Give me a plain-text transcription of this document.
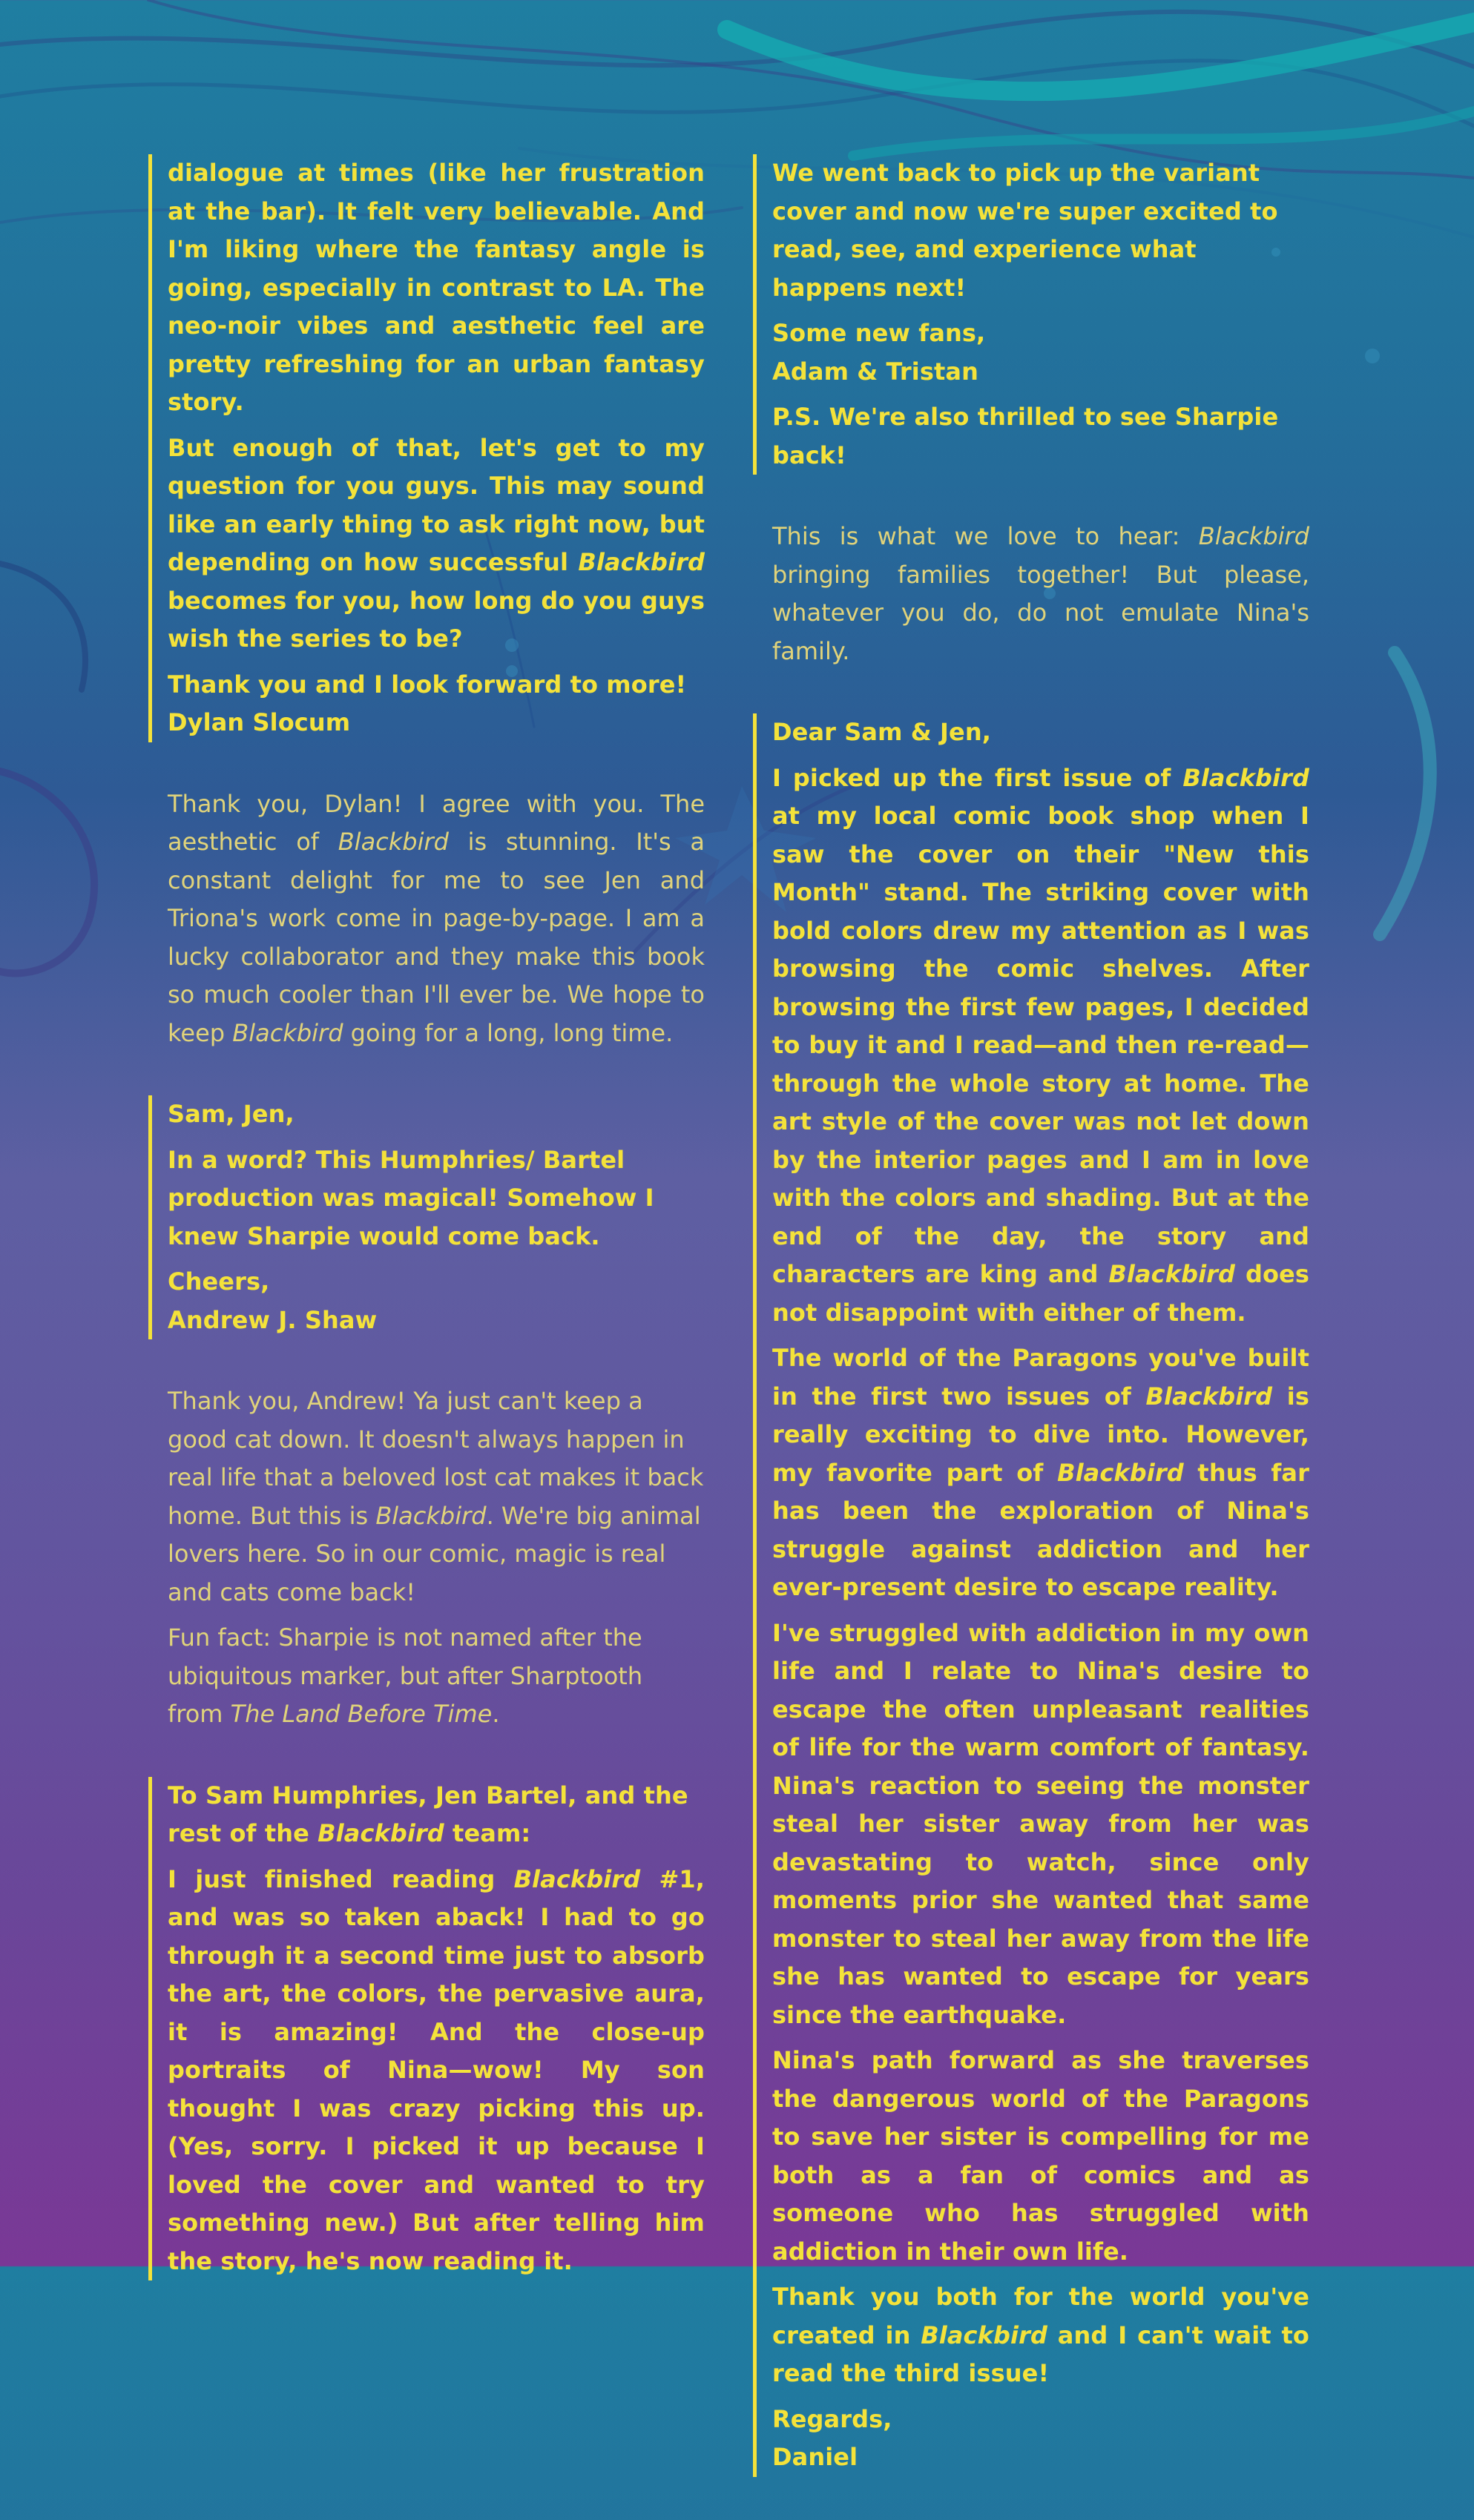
dialogue at times (like her frustration at the bar). It felt very believable. And I'm liking where the fantasy angle is going, especially in contrast to LA. The neo-noir vibes and aesthetic feel are pretty refreshing for an urban fantasy story.

But enough of that, let's get to my question for you guys. This may sound like an early thing to ask right now, but depending on how successful Blackbird becomes for you, how long do you guys wish the series to be?

Thank you and I look forward to more!

Dylan Slocum

Thank you, Dylan! I agree with you. The aesthetic of Blackbird is stunning. It's a constant delight for me to see Jen and Triona's work come in page-by-page. I am a lucky collaborator and they make this book so much cooler than I'll ever be. We hope to keep Blackbird going for a long, long time.

Sam, Jen,

In a word? This Humphries/ Bartel production was magical! Somehow I knew Sharpie would come back.

Cheers,

Andrew J. Shaw

Thank you, Andrew! Ya just can't keep a good cat down. It doesn't always happen in real life that a beloved lost cat makes it back home. But this is Blackbird. We're big animal lovers here. So in our comic, magic is real and cats come back!

Fun fact: Sharpie is not named after the ubiquitous marker, but after Sharptooth from The Land Before Time.

To Sam Humphries, Jen Bartel, and the rest of the Blackbird team:

I just finished reading Blackbird #1, and was so taken aback! I had to go through it a second time just to absorb the art, the colors, the pervasive aura, it is amazing! And the close-up portraits of Nina—wow! My son thought I was crazy picking this up. (Yes, sorry. I picked it up because I loved the cover and wanted to try something new.) But after telling him the story, he's now reading it.

We went back to pick up the variant cover and now we're super excited to read, see, and experience what happens next!

Some new fans,

Adam & Tristan

P.S. We're also thrilled to see Sharpie back!

This is what we love to hear: Blackbird bringing families together! But please, whatever you do, do not emulate Nina's family.

Dear Sam & Jen,

I picked up the first issue of Blackbird at my local comic book shop when I saw the cover on their "New this Month" stand. The striking cover with bold colors drew my attention as I was browsing the comic shelves. After browsing the first few pages, I decided to buy it and I read—and then re-read—through the whole story at home. The art style of the cover was not let down by the interior pages and I am in love with the colors and shading. But at the end of the day, the story and characters are king and Blackbird does not disappoint with either of them.

The world of the Paragons you've built in the first two issues of Blackbird is really exciting to dive into. However, my favorite part of Blackbird thus far has been the exploration of Nina's struggle against addiction and her ever-present desire to escape reality.

I've struggled with addiction in my own life and I relate to Nina's desire to escape the often unpleasant realities of life for the warm comfort of fantasy. Nina's reaction to seeing the monster steal her sister away from her was devastating to watch, since only moments prior she wanted that same monster to steal her away from the life she has wanted to escape for years since the earthquake.

Nina's path forward as she traverses the dangerous world of the Paragons to save her sister is compelling for me both as a fan of comics and as someone who has struggled with addiction in their own life.

Thank you both for the world you've created in Blackbird and I can't wait to read the third issue!

Regards,

Daniel
